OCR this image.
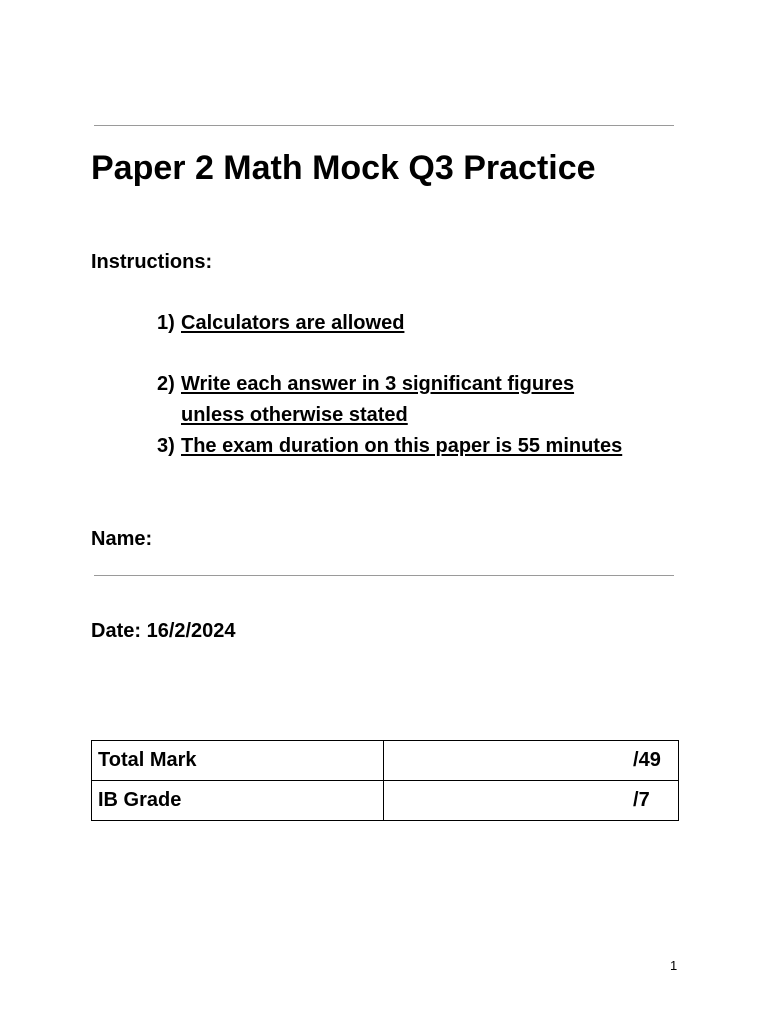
Paper 2 Math Mock Q3 Practice

Instructions:

1) Calculators are allowed
2) Write each answer in 3 significant figures unless otherwise stated
3) The exam duration on this paper is 55 minutes

Name:

Date: 16/2/2024

Total Mark	/49
IB Grade	/7
1
